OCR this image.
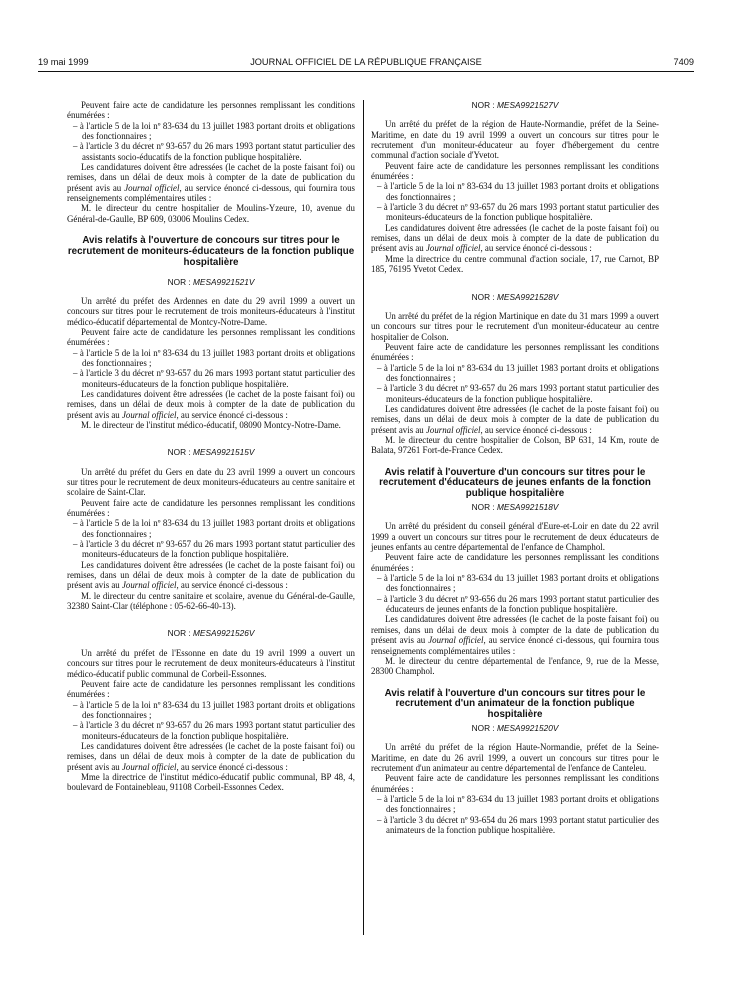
19 mai 1999	JOURNAL OFFICIEL DE LA RÉPUBLIQUE FRANÇAISE	7409

Peuvent faire acte de candidature les personnes remplissant les conditions énumérées :

– à l'article 5 de la loi nº 83-634 du 13 juillet 1983 portant droits et obligations des fonctionnaires ;

– à l'article 3 du décret nº 93-657 du 26 mars 1993 portant statut particulier des assistants socio-éducatifs de la fonction publique hospitalière.

Les candidatures doivent être adressées (le cachet de la poste faisant foi) ou remises, dans un délai de deux mois à compter de la date de publication du présent avis au Journal officiel, au service énoncé ci-dessous, qui fournira tous renseignements complémentaires utiles :

M. le directeur du centre hospitalier de Moulins-Yzeure, 10, avenue du Général-de-Gaulle, BP 609, 03006 Moulins Cedex.

Avis relatifs à l'ouverture de concours sur titres pour le recrutement de moniteurs-éducateurs de la fonction publique hospitalière

NOR : MESA9921521V

Un arrêté du préfet des Ardennes en date du 29 avril 1999 a ouvert un concours sur titres pour le recrutement de trois moniteurs-éducateurs à l'institut médico-éducatif départemental de Montcy-Notre-Dame.

Peuvent faire acte de candidature les personnes remplissant les conditions énumérées :

– à l'article 5 de la loi nº 83-634 du 13 juillet 1983 portant droits et obligations des fonctionnaires ;

– à l'article 3 du décret nº 93-657 du 26 mars 1993 portant statut particulier des moniteurs-éducateurs de la fonction publique hospitalière.

Les candidatures doivent être adressées (le cachet de la poste faisant foi) ou remises, dans un délai de deux mois à compter de la date de publication du présent avis au Journal officiel, au service énoncé ci-dessous :

M. le directeur de l'institut médico-éducatif, 08090 Montcy-Notre-Dame.

NOR : MESA9921515V

Un arrêté du préfet du Gers en date du 23 avril 1999 a ouvert un concours sur titres pour le recrutement de deux moniteurs-éducateurs au centre sanitaire et scolaire de Saint-Clar.

Peuvent faire acte de candidature les personnes remplissant les conditions énumérées :

– à l'article 5 de la loi nº 83-634 du 13 juillet 1983 portant droits et obligations des fonctionnaires ;

– à l'article 3 du décret nº 93-657 du 26 mars 1993 portant statut particulier des moniteurs-éducateurs de la fonction publique hospitalière.

Les candidatures doivent être adressées (le cachet de la poste faisant foi) ou remises, dans un délai de deux mois à compter de la date de publication du présent avis au Journal officiel, au service énoncé ci-dessous :

M. le directeur du centre sanitaire et scolaire, avenue du Général-de-Gaulle, 32380 Saint-Clar (téléphone : 05-62-66-40-13).

NOR : MESA9921526V

Un arrêté du préfet de l'Essonne en date du 19 avril 1999 a ouvert un concours sur titres pour le recrutement de deux moniteurs-éducateurs à l'institut médico-éducatif public communal de Corbeil-Essonnes.

Peuvent faire acte de candidature les personnes remplissant les conditions énumérées :

– à l'article 5 de la loi nº 83-634 du 13 juillet 1983 portant droits et obligations des fonctionnaires ;

– à l'article 3 du décret nº 93-657 du 26 mars 1993 portant statut particulier des moniteurs-éducateurs de la fonction publique hospitalière.

Les candidatures doivent être adressées (le cachet de la poste faisant foi) ou remises, dans un délai de deux mois à compter de la date de publication du présent avis au Journal officiel, au service énoncé ci-dessous :

Mme la directrice de l'institut médico-éducatif public communal, BP 48, 4, boulevard de Fontainebleau, 91108 Corbeil-Essonnes Cedex.

NOR : MESA9921527V

Un arrêté du préfet de la région de Haute-Normandie, préfet de la Seine-Maritime, en date du 19 avril 1999 a ouvert un concours sur titres pour le recrutement d'un moniteur-éducateur au foyer d'hébergement du centre communal d'action sociale d'Yvetot.

Peuvent faire acte de candidature les personnes remplissant les conditions énumérées :

– à l'article 5 de la loi nº 83-634 du 13 juillet 1983 portant droits et obligations des fonctionnaires ;

– à l'article 3 du décret nº 93-657 du 26 mars 1993 portant statut particulier des moniteurs-éducateurs de la fonction publique hospitalière.

Les candidatures doivent être adressées (le cachet de la poste faisant foi) ou remises, dans un délai de deux mois à compter de la date de publication du présent avis au Journal officiel, au service énoncé ci-dessous :

Mme la directrice du centre communal d'action sociale, 17, rue Carnot, BP 185, 76195 Yvetot Cedex.

NOR : MESA9921528V

Un arrêté du préfet de la région Martinique en date du 31 mars 1999 a ouvert un concours sur titres pour le recrutement d'un moniteur-éducateur au centre hospitalier de Colson.

Peuvent faire acte de candidature les personnes remplissant les conditions énumérées :

– à l'article 5 de la loi nº 83-634 du 13 juillet 1983 portant droits et obligations des fonctionnaires ;

– à l'article 3 du décret nº 93-657 du 26 mars 1993 portant statut particulier des moniteurs-éducateurs de la fonction publique hospitalière.

Les candidatures doivent être adressées (le cachet de la poste faisant foi) ou remises, dans un délai de deux mois à compter de la date de publication du présent avis au Journal officiel, au service énoncé ci-dessous :

M. le directeur du centre hospitalier de Colson, BP 631, 14 Km, route de Balata, 97261 Fort-de-France Cedex.

Avis relatif à l'ouverture d'un concours sur titres pour le recrutement d'éducateurs de jeunes enfants de la fonction publique hospitalière

NOR : MESA9921518V

Un arrêté du président du conseil général d'Eure-et-Loir en date du 22 avril 1999 a ouvert un concours sur titres pour le recrutement de deux éducateurs de jeunes enfants au centre départemental de l'enfance de Champhol.

Peuvent faire acte de candidature les personnes remplissant les conditions énumérées :

– à l'article 5 de la loi nº 83-634 du 13 juillet 1983 portant droits et obligations des fonctionnaires ;

– à l'article 3 du décret nº 93-656 du 26 mars 1993 portant statut particulier des éducateurs de jeunes enfants de la fonction publique hospitalière.

Les candidatures doivent être adressées (le cachet de la poste faisant foi) ou remises, dans un délai de deux mois à compter de la date de publication du présent avis au Journal officiel, au service énoncé ci-dessous, qui fournira tous renseignements complémentaires utiles :

M. le directeur du centre départemental de l'enfance, 9, rue de la Messe, 28300 Champhol.

Avis relatif à l'ouverture d'un concours sur titres pour le recrutement d'un animateur de la fonction publique hospitalière

NOR : MESA9921520V

Un arrêté du préfet de la région Haute-Normandie, préfet de la Seine-Maritime, en date du 26 avril 1999, a ouvert un concours sur titres pour le recrutement d'un animateur au centre départemental de l'enfance de Canteleu.

Peuvent faire acte de candidature les personnes remplissant les conditions énumérées :

– à l'article 5 de la loi nº 83-634 du 13 juillet 1983 portant droits et obligations des fonctionnaires ;

– à l'article 3 du décret nº 93-654 du 26 mars 1993 portant statut particulier des animateurs de la fonction publique hospitalière.
